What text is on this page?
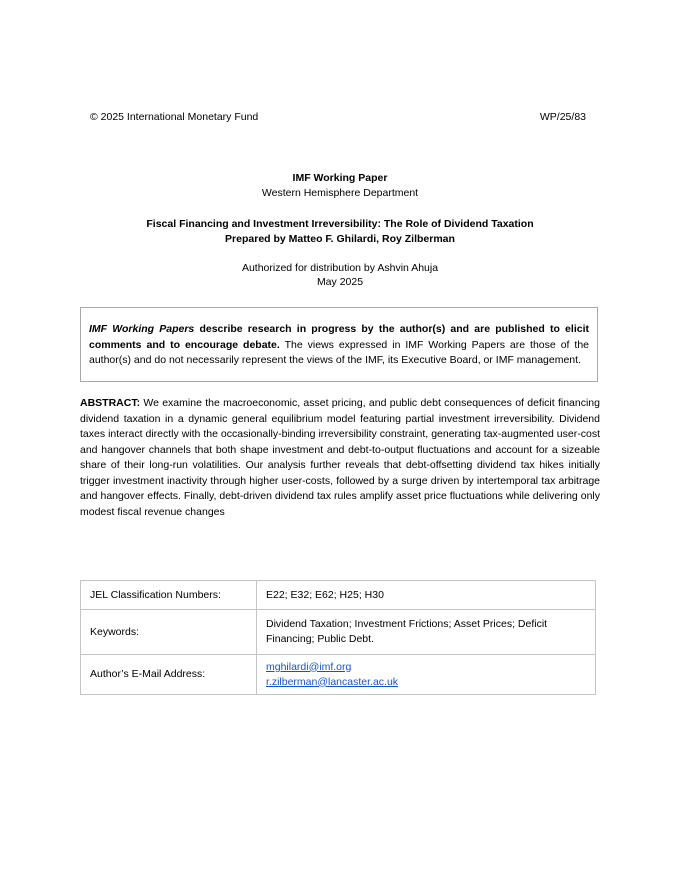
© 2025 International Monetary Fund	WP/25/83
IMF Working Paper
Western Hemisphere Department
Fiscal Financing and Investment Irreversibility: The Role of Dividend Taxation
Prepared by Matteo F. Ghilardi, Roy Zilberman
Authorized for distribution by Ashvin Ahuja
May 2025
IMF Working Papers describe research in progress by the author(s) and are published to elicit comments and to encourage debate. The views expressed in IMF Working Papers are those of the author(s) and do not necessarily represent the views of the IMF, its Executive Board, or IMF management.
ABSTRACT: We examine the macroeconomic, asset pricing, and public debt consequences of deficit financing dividend taxation in a dynamic general equilibrium model featuring partial investment irreversibility. Dividend taxes interact directly with the occasionally-binding irreversibility constraint, generating tax-augmented user-cost and hangover channels that both shape investment and debt-to-output fluctuations and account for a sizeable share of their long-run volatilities. Our analysis further reveals that debt-offsetting dividend tax hikes initially trigger investment inactivity through higher user-costs, followed by a surge driven by intertemporal tax arbitrage and hangover effects. Finally, debt-driven dividend tax rules amplify asset price fluctuations while delivering only modest fiscal revenue changes
JEL Classification Numbers:	E22; E32; E62; H25; H30
Keywords:	Dividend Taxation; Investment Frictions; Asset Prices; Deficit Financing; Public Debt.
Author’s E-Mail Address:	mghilardi@imf.org
r.zilberman@lancaster.ac.uk
